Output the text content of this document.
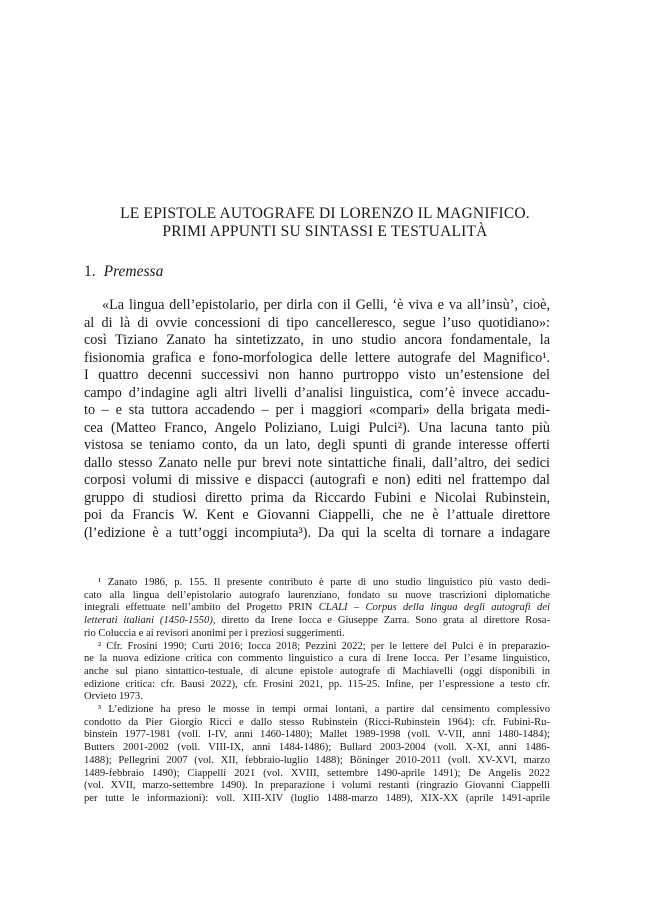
LE EPISTOLE AUTOGRAFE DI LORENZO IL MAGNIFICO.
PRIMI APPUNTI SU SINTASSI E TESTUALITÀ
1. Premessa
«La lingua dell’epistolario, per dirla con il Gelli, ‘è viva e va all’insù’, cioè,
al di là di ovvie concessioni di tipo cancelleresco, segue l’uso quotidiano»:
così Tiziano Zanato ha sintetizzato, in uno studio ancora fondamentale, la
fisionomia grafica e fono-morfologica delle lettere autografe del Magnifico¹.
I quattro decenni successivi non hanno purtroppo visto un’estensione del
campo d’indagine agli altri livelli d’analisi linguistica, com’è invece accadu-
to – e sta tuttora accadendo – per i maggiori «compari» della brigata medi-
cea (Matteo Franco, Angelo Poliziano, Luigi Pulci²). Una lacuna tanto più
vistosa se teniamo conto, da un lato, degli spunti di grande interesse offerti
dallo stesso Zanato nelle pur brevi note sintattiche finali, dall’altro, dei sedici
corposi volumi di missive e dispacci (autografi e non) editi nel frattempo dal
gruppo di studiosi diretto prima da Riccardo Fubini e Nicolai Rubinstein,
poi da Francis W. Kent e Giovanni Ciappelli, che ne è l’attuale direttore
(l’edizione è a tutt’oggi incompiuta³). Da qui la scelta di tornare a indagare
¹ Zanato 1986, p. 155. Il presente contributo è parte di uno studio linguistico più vasto dedi-
cato alla lingua dell’epistolario autografo laurenziano, fondato su nuove trascrizioni diplomatiche
integrali effettuate nell’ambito del Progetto PRIN CLALI – Corpus della lingua degli autografi dei
letterati italiani (1450-1550), diretto da Irene Iocca e Giuseppe Zarra. Sono grata al direttore Rosa-
rio Coluccia e ai revisori anonimi per i preziosi suggerimenti.
² Cfr. Frosini 1990; Curti 2016; Iocca 2018; Pezzini 2022; per le lettere del Pulci è in preparazio-
ne la nuova edizione critica con commento linguistico a cura di Irene Iocca. Per l’esame linguistico,
anche sul piano sintattico-testuale, di alcune epistole autografe di Machiavelli (oggi disponibili in
edizione critica: cfr. Bausi 2022), cfr. Frosini 2021, pp. 115-25. Infine, per l’espressione a testo cfr.
Orvieto 1973.
³ L’edizione ha preso le mosse in tempi ormai lontani, a partire dal censimento complessivo
condotto da Pier Giorgio Ricci e dallo stesso Rubinstein (Ricci-Rubinstein 1964): cfr. Fubini-Ru-
binstein 1977-1981 (voll. I-IV, anni 1460-1480); Mallet 1989-1998 (voll. V-VII, anni 1480-1484);
Butters 2001-2002 (voll. VIII-IX, anni 1484-1486); Bullard 2003-2004 (voll. X-XI, anni 1486-
1488); Pellegrini 2007 (vol. XII, febbraio-luglio 1488); Böninger 2010-2011 (voll. XV-XVI, marzo
1489-febbraio 1490); Ciappelli 2021 (vol. XVIII, settembre 1490-aprile 1491); De Angelis 2022
(vol. XVII, marzo-settembre 1490). In preparazione i volumi restanti (ringrazio Giovanni Ciappelli
per tutte le informazioni): voll. XIII-XIV (luglio 1488-marzo 1489), XIX-XX (aprile 1491-aprile
